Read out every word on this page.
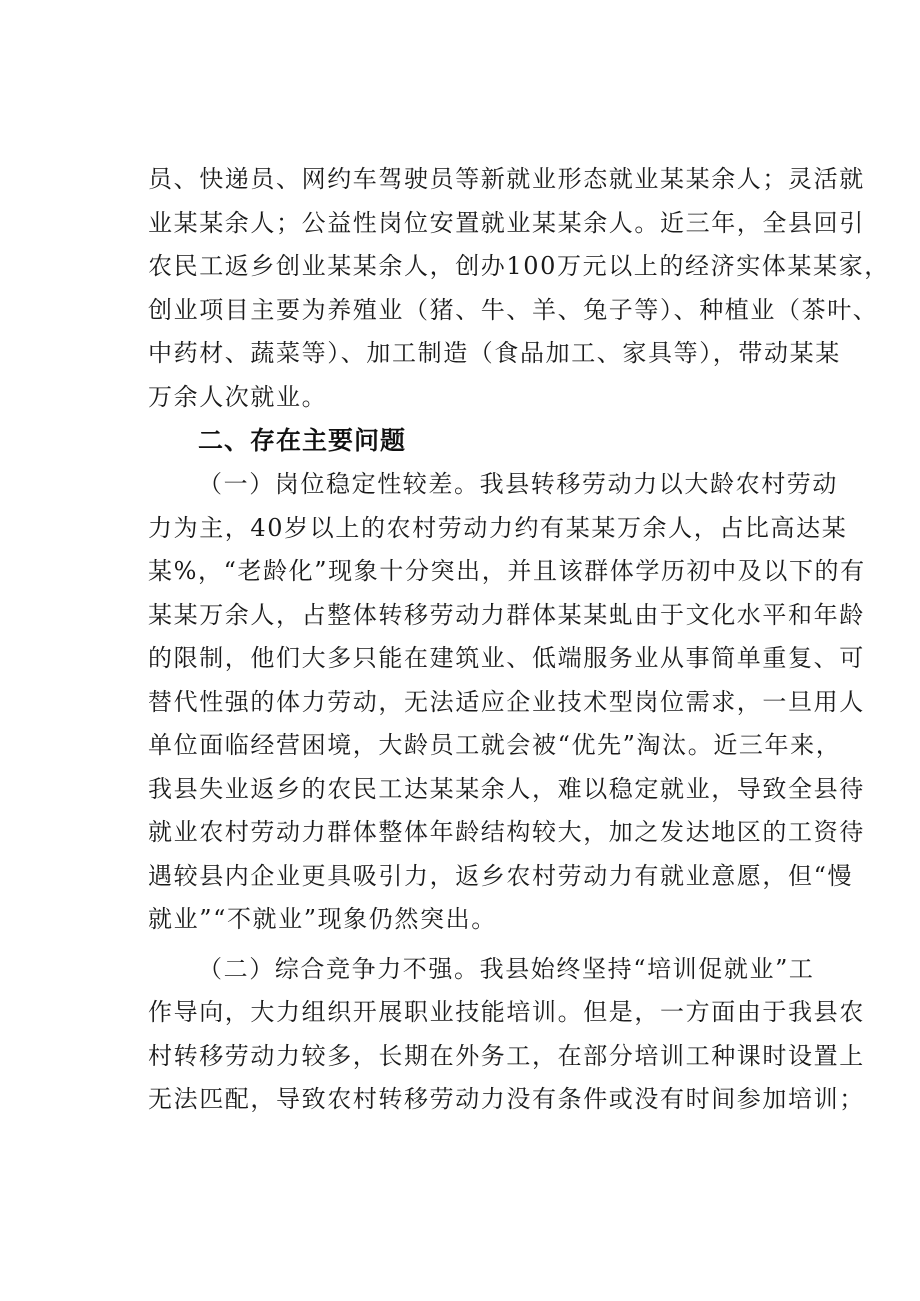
员、快递员、网约车驾驶员等新就业形态就业某某余人；灵活就
业某某余人；公益性岗位安置就业某某余人。近三年，全县回引
农民工返乡创业某某余人，创办100万元以上的经济实体某某家，
创业项目主要为养殖业（猪、牛、羊、兔子等）、种植业（茶叶、
中药材、蔬菜等）、加工制造（食品加工、家具等），带动某某
万余人次就业。
二、存在主要问题
（一）岗位稳定性较差。我县转移劳动力以大龄农村劳动
力为主，40岁以上的农村劳动力约有某某万余人，占比高达某
某%，“老龄化”现象十分突出，并且该群体学历初中及以下的有
某某万余人，占整体转移劳动力群体某某虬由于文化水平和年龄
的限制，他们大多只能在建筑业、低端服务业从事简单重复、可
替代性强的体力劳动，无法适应企业技术型岗位需求，一旦用人
单位面临经营困境，大龄员工就会被“优先”淘汰。近三年来，
我县失业返乡的农民工达某某余人，难以稳定就业，导致全县待
就业农村劳动力群体整体年龄结构较大，加之发达地区的工资待
遇较县内企业更具吸引力，返乡农村劳动力有就业意愿，但“慢
就业”“不就业”现象仍然突出。
（二）综合竞争力不强。我县始终坚持“培训促就业”工
作导向，大力组织开展职业技能培训。但是，一方面由于我县农
村转移劳动力较多，长期在外务工，在部分培训工种课时设置上
无法匹配，导致农村转移劳动力没有条件或没有时间参加培训；
